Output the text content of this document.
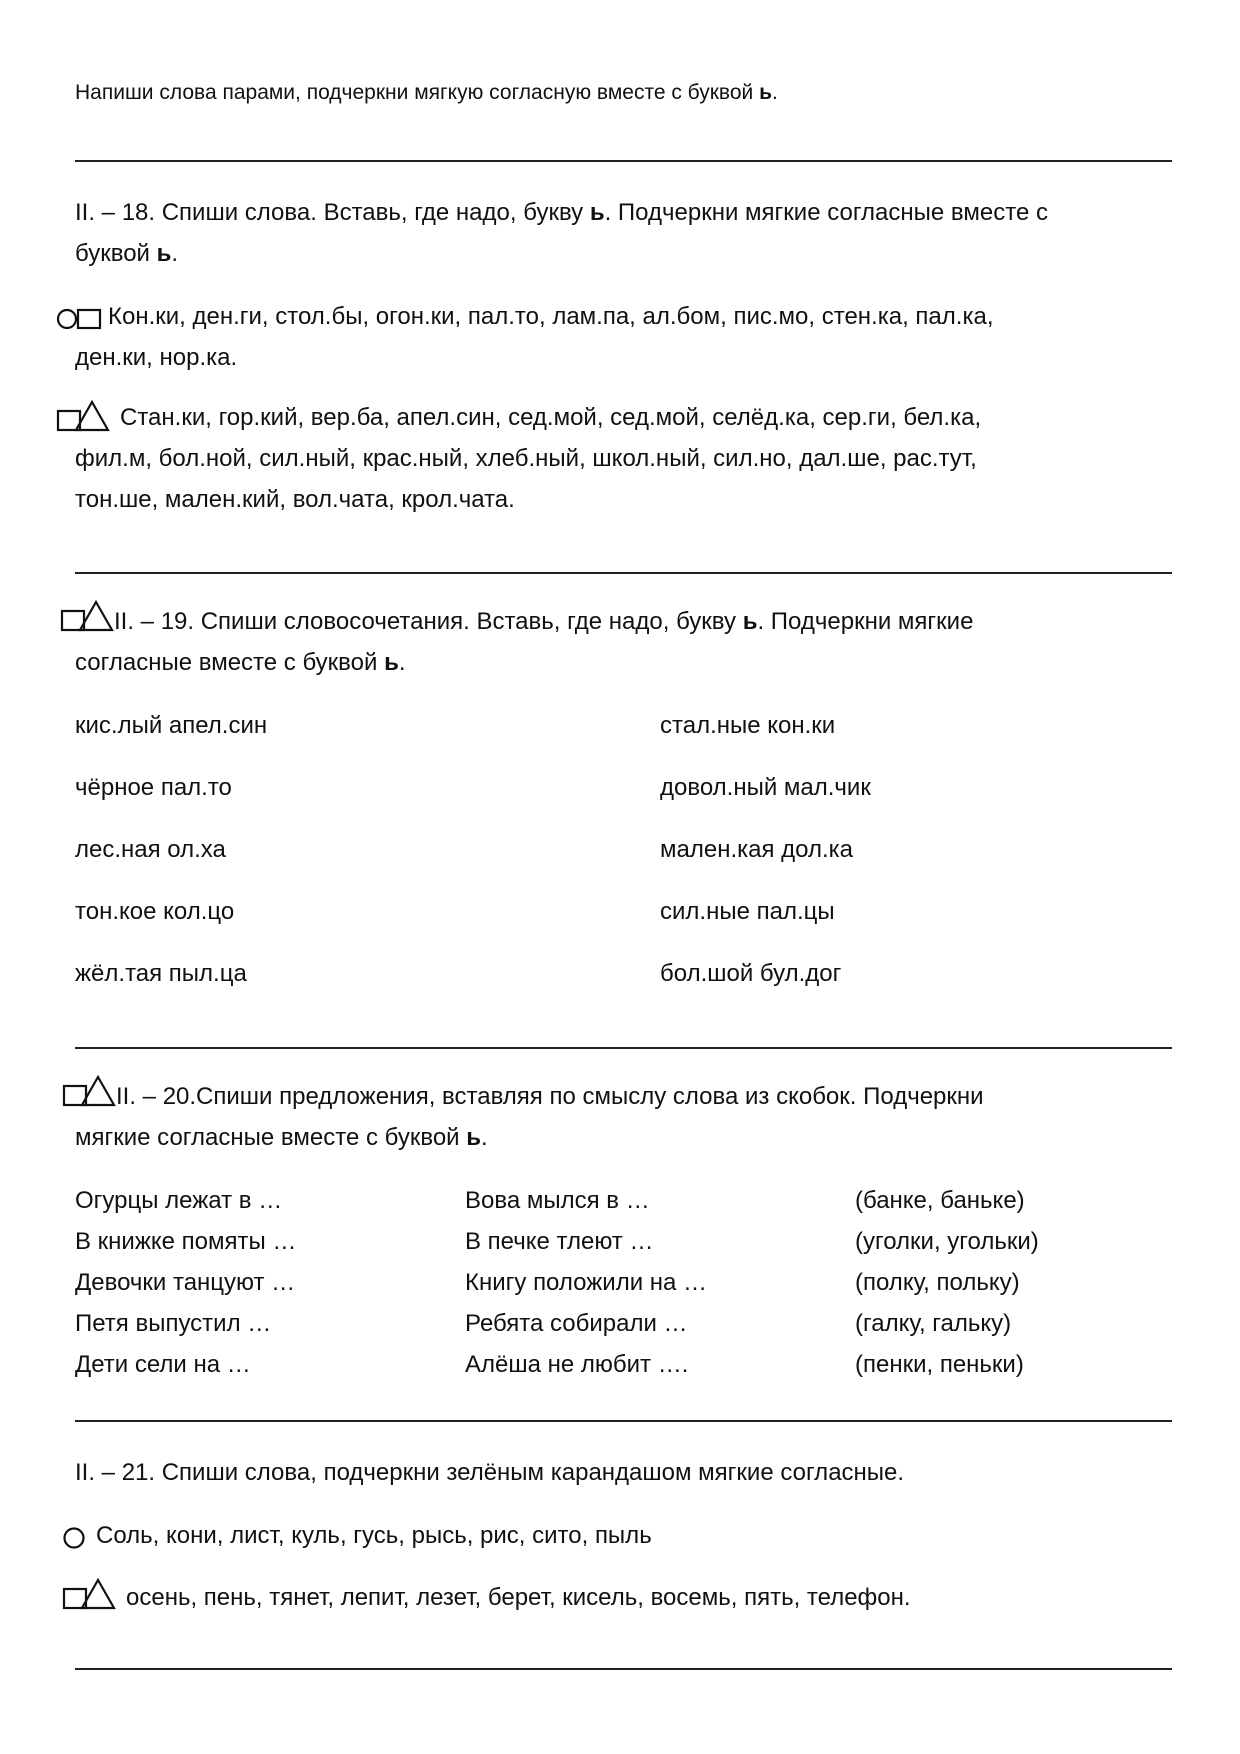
Напиши слова парами, подчеркни мягкую согласную вместе с буквой ь.
II. – 18. Спиши слова. Вставь, где надо, букву ь. Подчеркни мягкие согласные вместе с
буквой ь.
Кон.ки, ден.ги, стол.бы, огон.ки, пал.то, лам.па, ал.бом, пис.мо, стен.ка, пал.ка,
ден.ки, нор.ка.
Стан.ки, гор.кий, вер.ба, апел.син, сед.мой, сед.мой, селёд.ка, сер.ги, бел.ка,
фил.м, бол.ной, сил.ный, крас.ный, хлеб.ный, школ.ный, сил.но, дал.ше, рас.тут,
тон.ше, мален.кий, вол.чата, крол.чата.
II. – 19. Спиши словосочетания. Вставь, где надо, букву ь. Подчеркни мягкие
согласные вместе с буквой ь.
кис.лый апел.син
чёрное пал.то
лес.ная ол.ха
тон.кое кол.цо
жёл.тая пыл.ца
стал.ные кон.ки
довол.ный мал.чик
мален.кая дол.ка
сил.ные пал.цы
бол.шой бул.дог
II. – 20.Спиши предложения, вставляя по смыслу слова из скобок. Подчеркни
мягкие согласные вместе с буквой ь.
Огурцы лежат в …
В книжке помяты …
Девочки танцуют …
Петя выпустил …
Дети сели на …
Вова мылся в …
В печке тлеют …
Книгу положили на …
Ребята собирали …
Алёша не любит ….
(банке, баньке)
(уголки, угольки)
(полку, польку)
(галку, гальку)
(пенки, пеньки)
II. – 21. Спиши слова, подчеркни зелёным карандашом мягкие согласные.
Соль, кони, лист, куль, гусь, рысь, рис, сито, пыль
осень, пень, тянет, лепит, лезет, берет, кисель, восемь, пять, телефон.
